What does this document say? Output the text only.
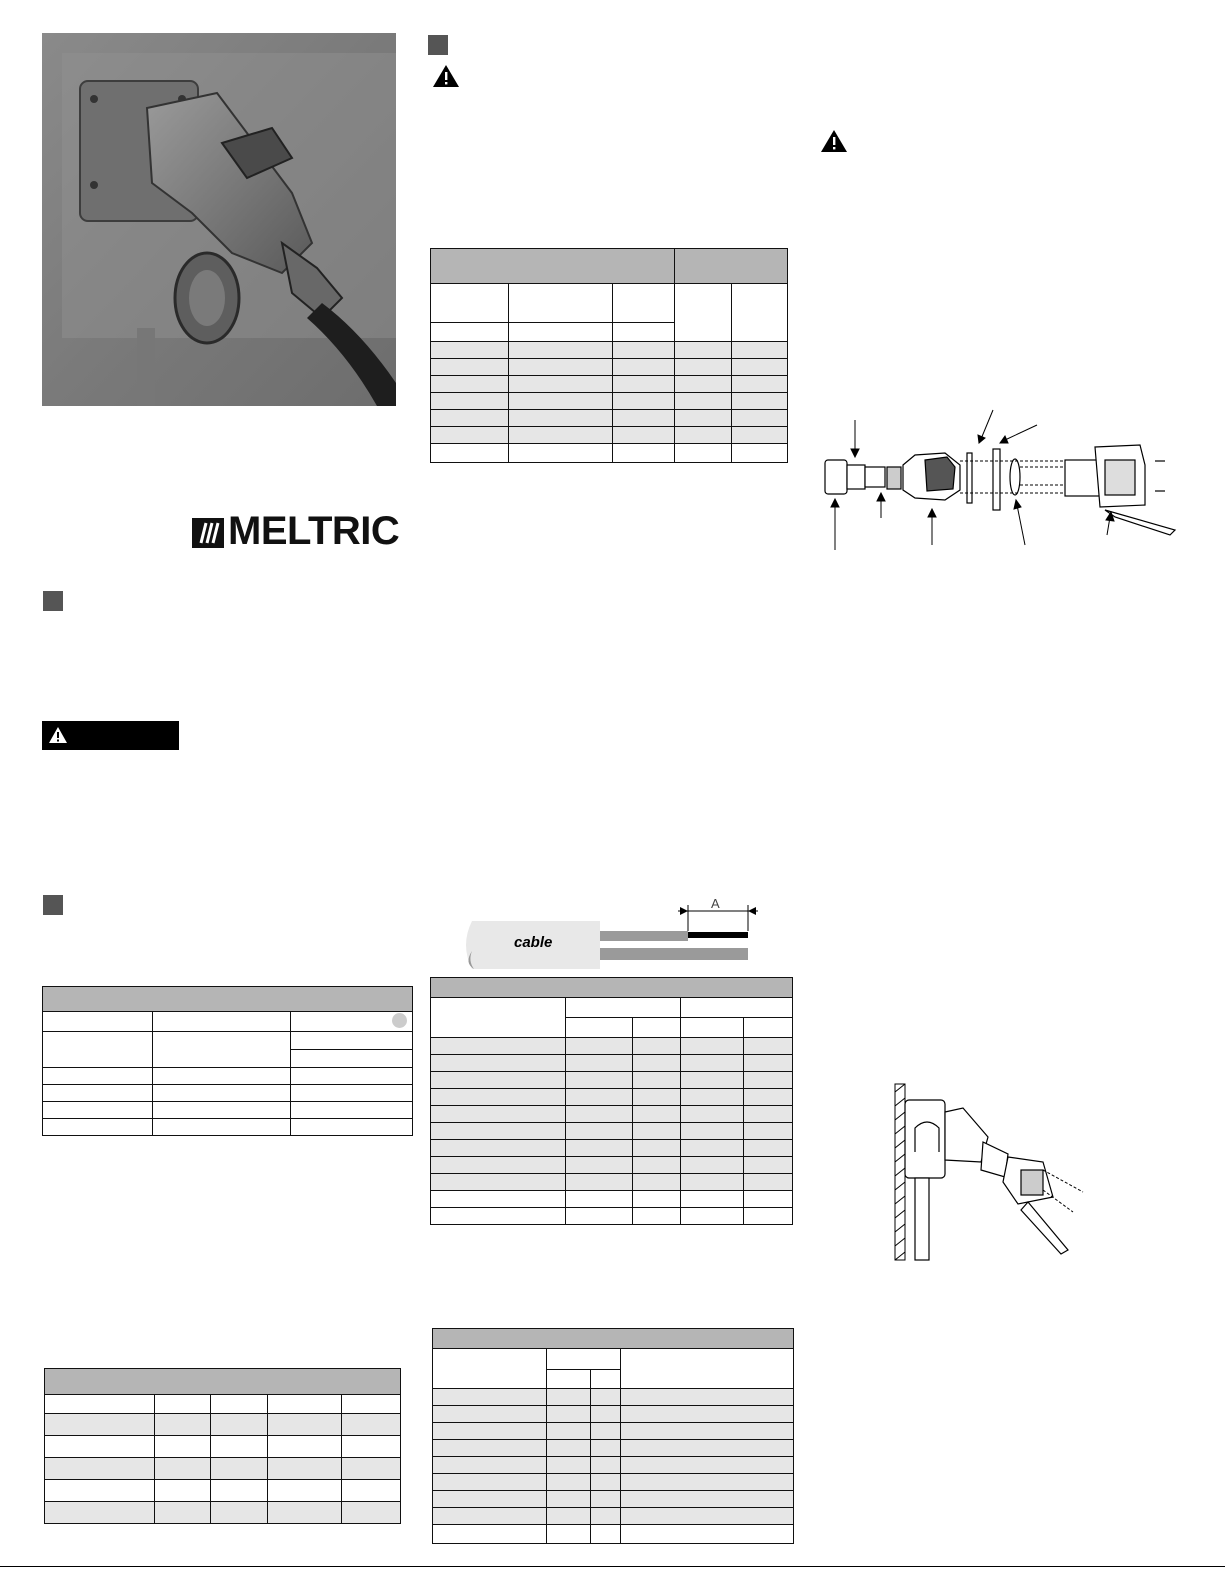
MELTRIC

cable
A
